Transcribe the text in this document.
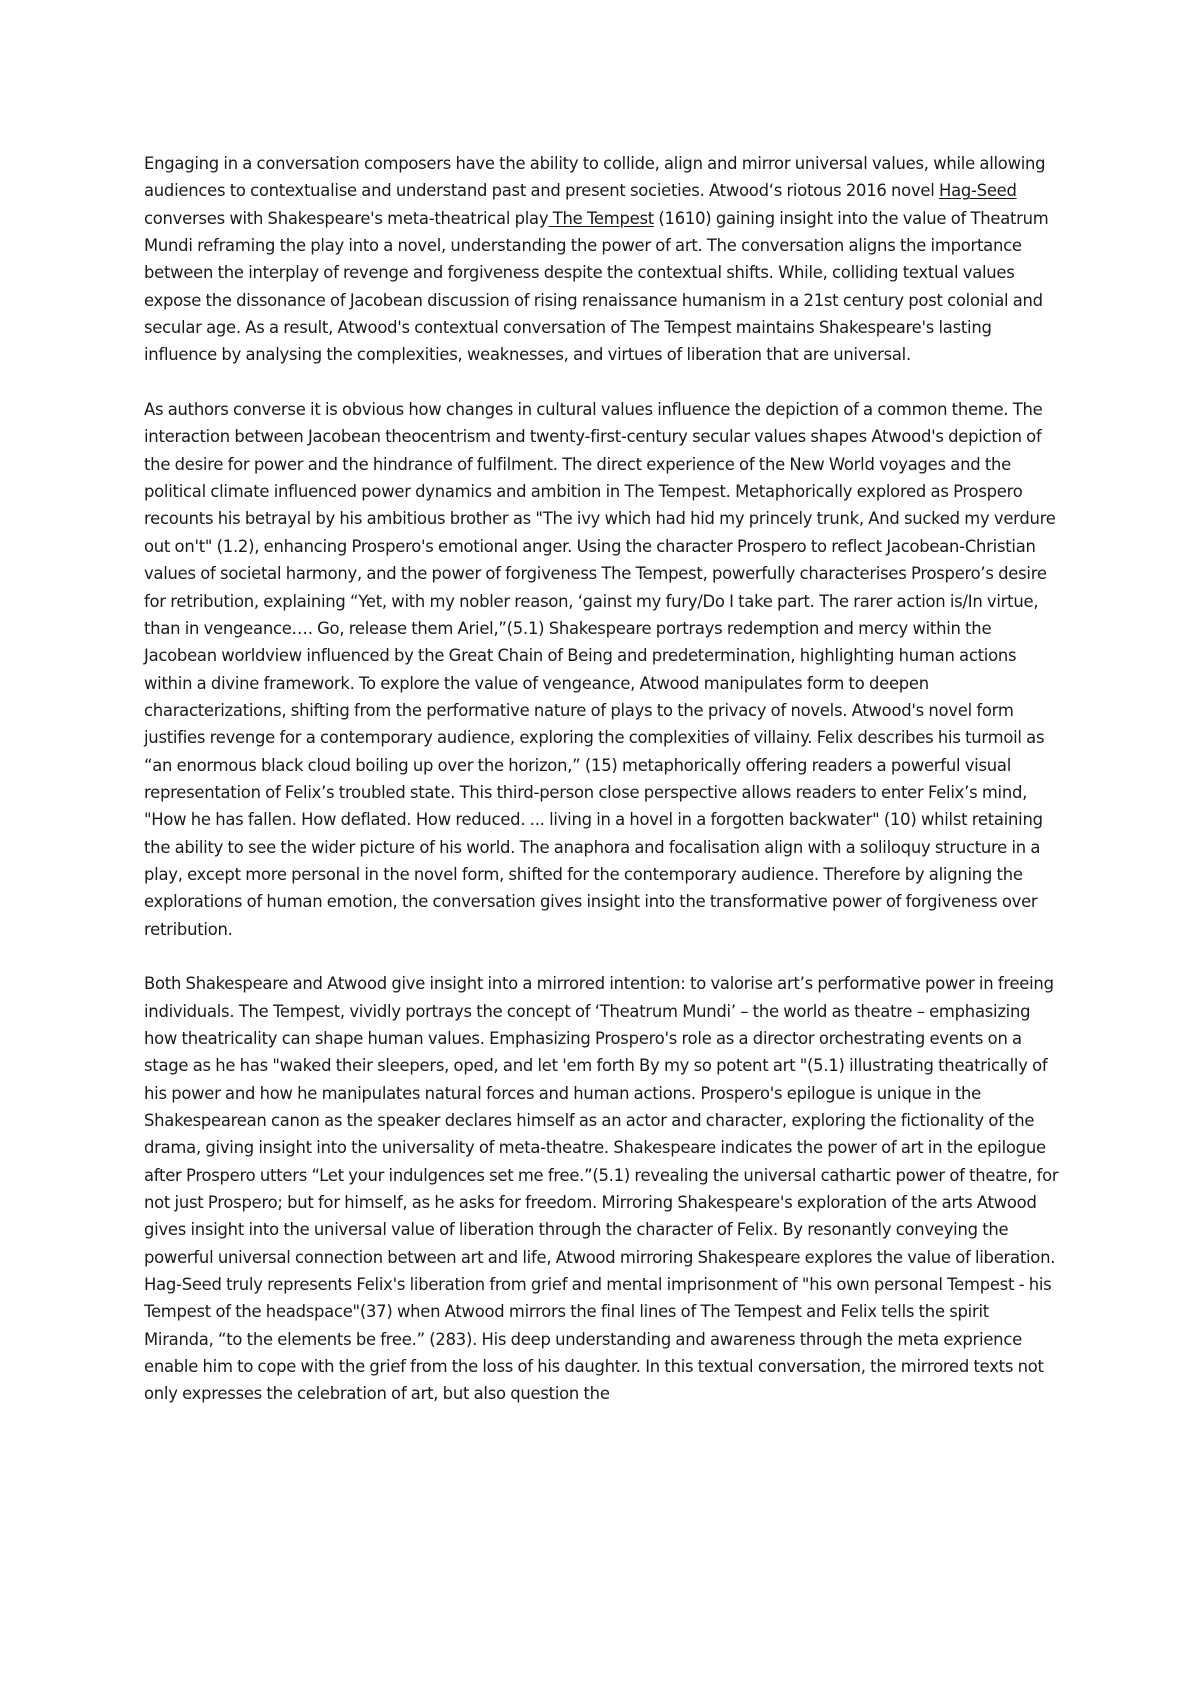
Engaging in a conversation composers have the ability to collide, align and mirror universal values, while allowing audiences to contextualise and understand past and present societies. Atwood‘s riotous 2016 novel Hag-Seed converses with Shakespeare's meta-theatrical play The Tempest (1610) gaining insight into the value of Theatrum Mundi reframing the play into a novel, understanding the power of art. The conversation aligns the importance between the interplay of revenge and forgiveness despite the contextual shifts. While, colliding textual values expose the dissonance of Jacobean discussion of rising renaissance humanism in a 21st century post colonial and secular age. As a result, Atwood's contextual conversation of The Tempest maintains Shakespeare's lasting influence by analysing the complexities, weaknesses, and virtues of liberation that are universal.

As authors converse it is obvious how changes in cultural values influence the depiction of a common theme. The interaction between Jacobean theocentrism and twenty-first-century secular values shapes Atwood's depiction of the desire for power and the hindrance of fulfilment. The direct experience of the New World voyages and the political climate influenced power dynamics and ambition in The Tempest. Metaphorically explored as Prospero recounts his betrayal by his ambitious brother as "The ivy which had hid my princely trunk, And sucked my verdure out on't" (1.2), enhancing Prospero's emotional anger. Using the character Prospero to reflect Jacobean-Christian  values of societal harmony, and the power of forgiveness The Tempest, powerfully characterises Prospero’s desire for retribution, explaining “Yet, with my nobler reason, ‘gainst my fury/Do I take part. The rarer action is/In virtue, than in vengeance…. Go, release them Ariel,”(5.1) Shakespeare portrays redemption and mercy within the Jacobean worldview influenced by the Great Chain of Being and predetermination, highlighting human actions within a divine framework. To explore the value of vengeance, Atwood manipulates form to deepen characterizations, shifting from the performative nature of plays to the privacy of novels. Atwood's novel form justifies revenge for a contemporary audience, exploring the complexities of villainy. Felix describes his turmoil as “an enormous black cloud boiling up over the horizon,” (15) metaphorically offering readers a powerful visual representation of Felix’s troubled state. This third-person close perspective allows readers to enter Felix’s mind, "How he has fallen. How deflated. How reduced. ... living in a hovel in a forgotten backwater" (10) whilst retaining the ability to see the wider picture of his world. The anaphora and focalisation align with a soliloquy structure in a play, except more personal in the novel form, shifted for the contemporary audience. Therefore by aligning the explorations of human emotion, the conversation gives insight into the transformative power of forgiveness over retribution.

Both Shakespeare and Atwood give insight into a mirrored intention: to valorise art’s performative power in freeing individuals. The Tempest, vividly portrays the concept of ‘Theatrum Mundi’ – the world as theatre – emphasizing how theatricality can shape human values. Emphasizing Prospero's role as a director orchestrating events on a stage as he has "waked their sleepers, oped, and let 'em forth By my so potent art "(5.1) illustrating theatrically of his power and how he manipulates natural forces and human actions. Prospero's epilogue is unique in the Shakespearean canon as the speaker declares himself as an actor and character, exploring the fictionality of the drama, giving insight into the universality of meta-theatre. Shakespeare indicates the power of art in the epilogue after Prospero utters “Let your indulgences set me free.”(5.1) revealing the universal cathartic power of theatre, for not just Prospero; but for himself, as he asks for freedom. Mirroring Shakespeare's exploration of the arts Atwood gives insight into the universal value of liberation through the character of Felix. By resonantly conveying the powerful universal connection between art and life, Atwood mirroring Shakespeare explores the value of liberation. Hag-Seed truly represents Felix's liberation from grief and mental imprisonment of "his own personal Tempest - his Tempest of the headspace"(37) when Atwood mirrors the final lines of The Tempest and Felix tells the spirit Miranda, “to the elements be free.” (283). His deep understanding and awareness through the meta exprience enable him to cope with the grief from the loss of his daughter. In this textual conversation, the mirrored texts not only expresses the celebration of art, but also question the
